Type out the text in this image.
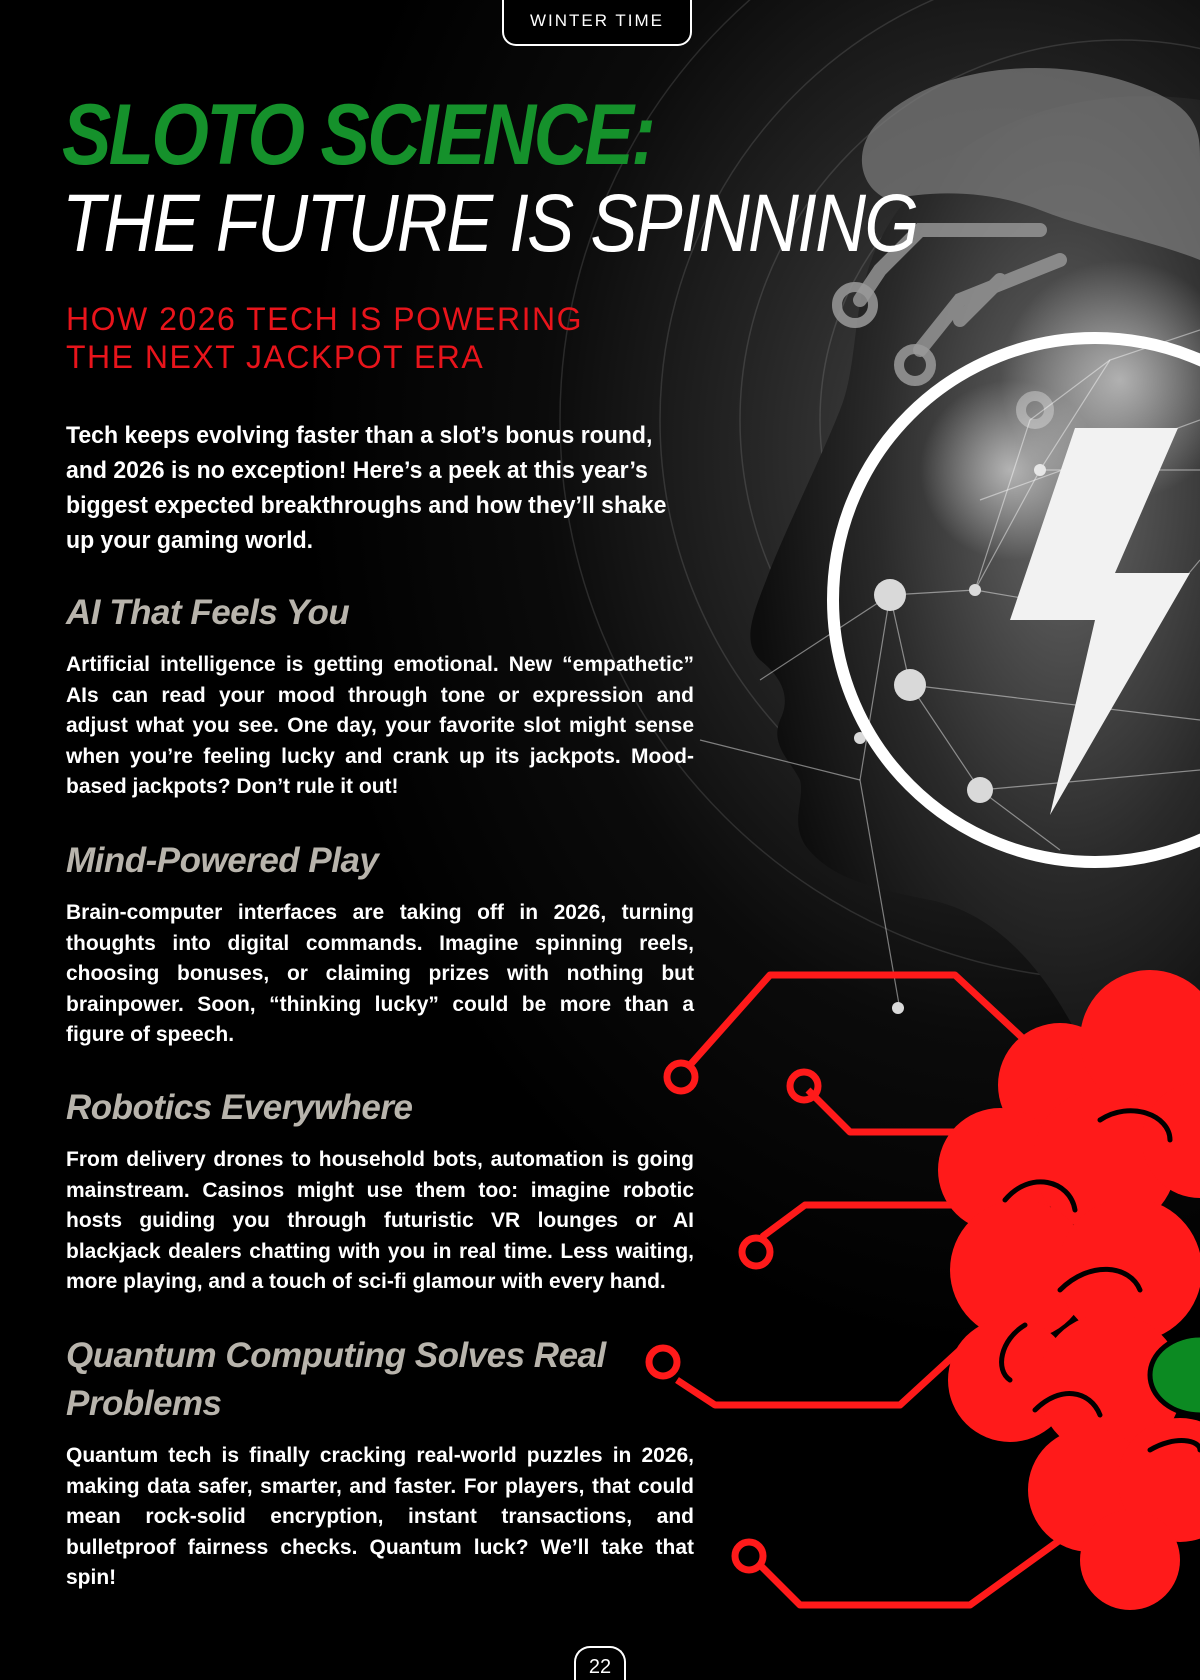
WINTER TIME
SLOTO SCIENCE:
THE FUTURE IS SPINNING
HOW 2026 TECH IS POWERING
THE NEXT JACKPOT ERA

Tech keeps evolving faster than a slot’s bonus round, and 2026 is no exception! Here’s a peek at this year’s biggest expected breakthroughs and how they’ll shake up your gaming world.

AI That Feels You

Artificial intelligence is getting emotional. New “empathetic” AIs can read your mood through tone or expression and adjust what you see. One day, your favorite slot might sense when you’re feeling lucky and crank up its jackpots. Mood-based jackpots? Don’t rule it out!

Mind-Powered Play

Brain-computer interfaces are taking off in 2026, turning thoughts into digital commands. Imagine spinning reels, choosing bonuses, or claiming prizes with nothing but brainpower. Soon, “thinking lucky” could be more than a figure of speech.

Robotics Everywhere

From delivery drones to household bots, automation is going mainstream. Casinos might use them too: imagine robotic hosts guiding you through futuristic VR lounges or AI blackjack dealers chatting with you in real time. Less waiting, more playing, and a touch of sci-fi glamour with every hand.

Quantum Computing Solves Real Problems

Quantum tech is finally cracking real-world puzzles in 2026, making data safer, smarter, and faster. For players, that could mean rock-solid encryption, instant transactions, and bulletproof fairness checks. Quantum luck? We’ll take that spin!

22
